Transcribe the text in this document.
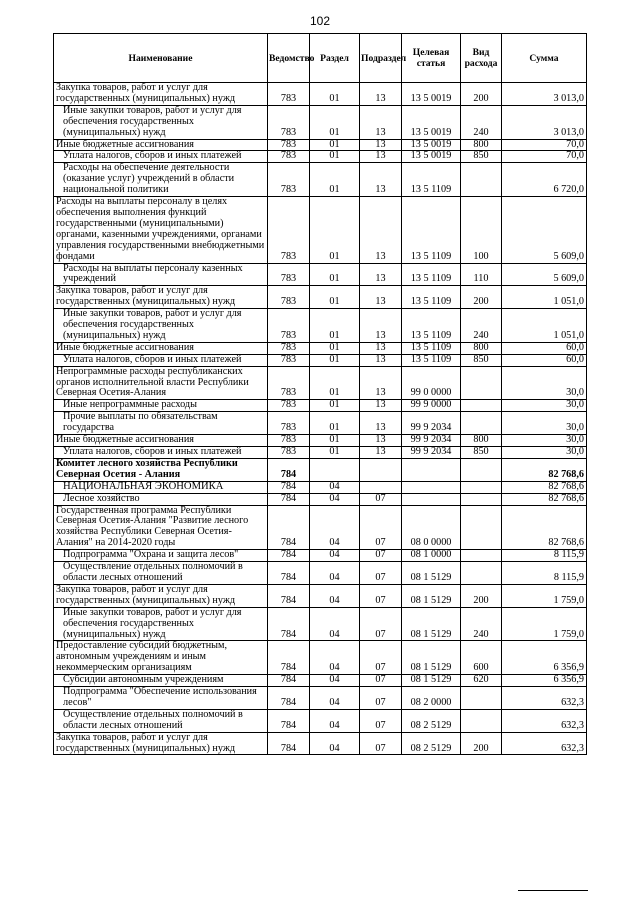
102
Наименование	Ведомство	Раздел	Подраздел	Целевая статья	Вид расхода	Сумма
Закупка товаров, работ и услуг для государственных (муниципальных) нужд	783	01	13	13 5 0019	200	3 013,0
Иные закупки товаров, работ и услуг для обеспечения государственных (муниципальных) нужд	783	01	13	13 5 0019	240	3 013,0
Иные бюджетные ассигнования	783	01	13	13 5 0019	800	70,0
Уплата налогов, сборов и иных платежей	783	01	13	13 5 0019	850	70,0
Расходы на обеспечение деятельности (оказание услуг) учреждений в области национальной политики	783	01	13	13 5 1109		6 720,0
Расходы на выплаты персоналу в целях обеспечения выполнения функций государственными (муниципальными) органами, казенными учреждениями, органами управления государственными внебюджетными фондами	783	01	13	13 5 1109	100	5 609,0
Расходы на выплаты персоналу казенных учреждений	783	01	13	13 5 1109	110	5 609,0
Закупка товаров, работ и услуг для государственных (муниципальных) нужд	783	01	13	13 5 1109	200	1 051,0
Иные закупки товаров, работ и услуг для обеспечения государственных (муниципальных) нужд	783	01	13	13 5 1109	240	1 051,0
Иные бюджетные ассигнования	783	01	13	13 5 1109	800	60,0
Уплата налогов, сборов и иных платежей	783	01	13	13 5 1109	850	60,0
Непрограммные расходы республиканских органов исполнительной власти Республики Северная Осетия-Алания	783	01	13	99 0 0000		30,0
Иные непрограммные расходы	783	01	13	99 9 0000		30,0
Прочие выплаты по обязательствам государства	783	01	13	99 9 2034		30,0
Иные бюджетные ассигнования	783	01	13	99 9 2034	800	30,0
Уплата налогов, сборов и иных платежей	783	01	13	99 9 2034	850	30,0
Комитет лесного хозяйства Республики Северная Осетия - Алания	784					82 768,6
НАЦИОНАЛЬНАЯ ЭКОНОМИКА	784	04				82 768,6
Лесное хозяйство	784	04	07			82 768,6
Государственная программа Республики Северная Осетия-Алания "Развитие лесного хозяйства Республики Северная Осетия-Алания" на 2014-2020 годы	784	04	07	08 0 0000		82 768,6
Подпрограмма "Охрана и защита лесов"	784	04	07	08 1 0000		8 115,9
Осуществление отдельных полномочий в области лесных отношений	784	04	07	08 1 5129		8 115,9
Закупка товаров, работ и услуг для государственных (муниципальных) нужд	784	04	07	08 1 5129	200	1 759,0
Иные закупки товаров, работ и услуг для обеспечения государственных (муниципальных) нужд	784	04	07	08 1 5129	240	1 759,0
Предоставление субсидий бюджетным, автономным учреждениям и иным некоммерческим организациям	784	04	07	08 1 5129	600	6 356,9
Субсидии автономным учреждениям	784	04	07	08 1 5129	620	6 356,9
Подпрограмма "Обеспечение использования лесов"	784	04	07	08 2 0000		632,3
Осуществление отдельных полномочий в области лесных отношений	784	04	07	08 2 5129		632,3
Закупка товаров, работ и услуг для государственных (муниципальных) нужд	784	04	07	08 2 5129	200	632,3
